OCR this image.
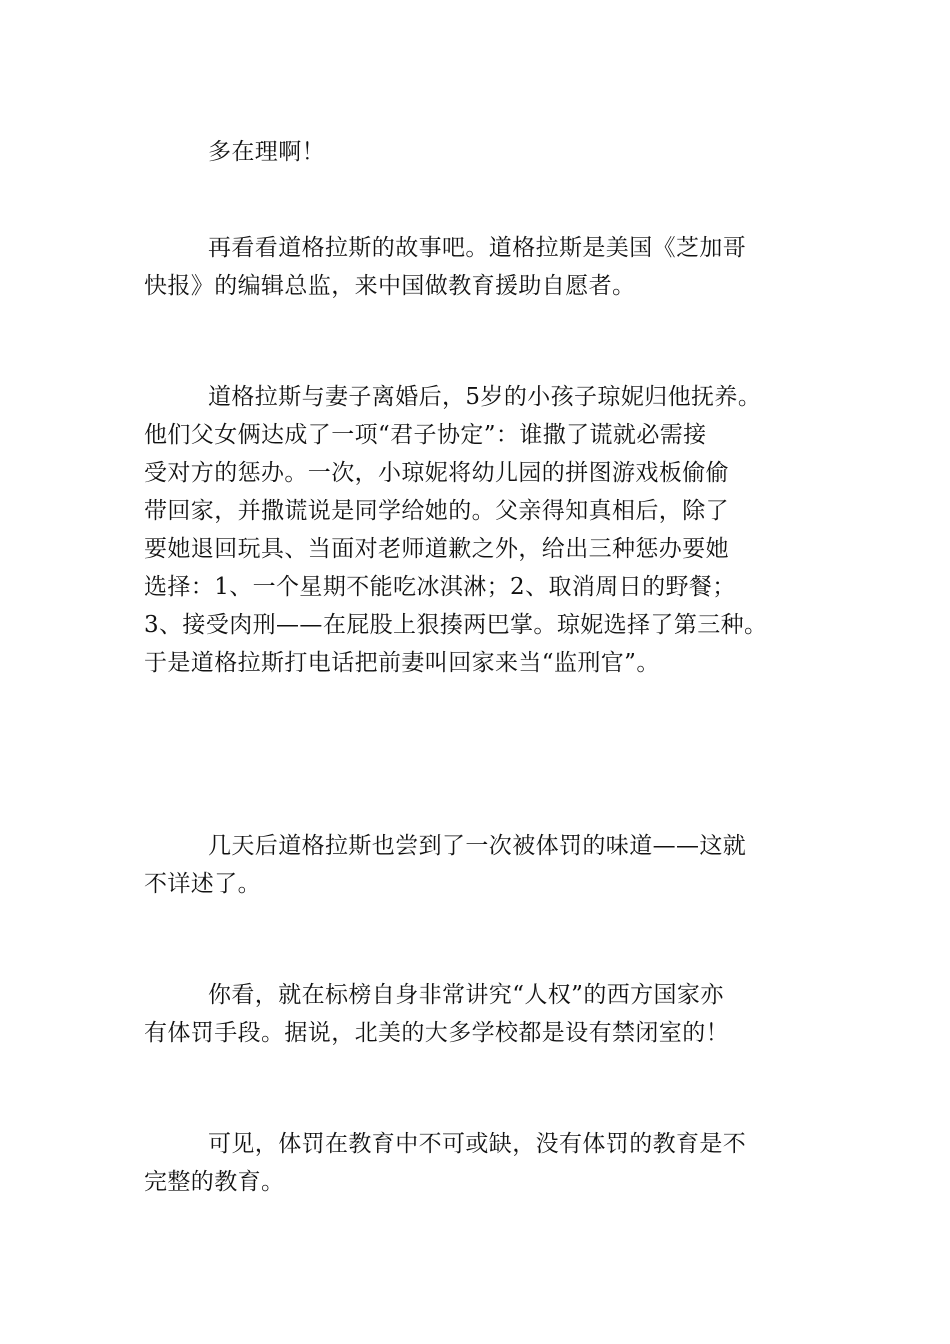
多在理啊！

再看看道格拉斯的故事吧。道格拉斯是美国《芝加哥
快报》的编辑总监，来中国做教育援助自愿者。

道格拉斯与妻子离婚后，5岁的小孩子琼妮归他抚养。
他们父女俩达成了一项“君子协定”：谁撒了谎就必需接
受对方的惩办。一次，小琼妮将幼儿园的拼图游戏板偷偷
带回家，并撒谎说是同学给她的。父亲得知真相后，除了
要她退回玩具、当面对老师道歉之外，给出三种惩办要她
选择：1、一个星期不能吃冰淇淋；2、取消周日的野餐；
3、接受肉刑——在屁股上狠揍两巴掌。琼妮选择了第三种。
于是道格拉斯打电话把前妻叫回家来当“监刑官”。

几天后道格拉斯也尝到了一次被体罚的味道——这就
不详述了。

你看，就在标榜自身非常讲究“人权”的西方国家亦
有体罚手段。据说，北美的大多学校都是设有禁闭室的！

可见，体罚在教育中不可或缺，没有体罚的教育是不
完整的教育。
